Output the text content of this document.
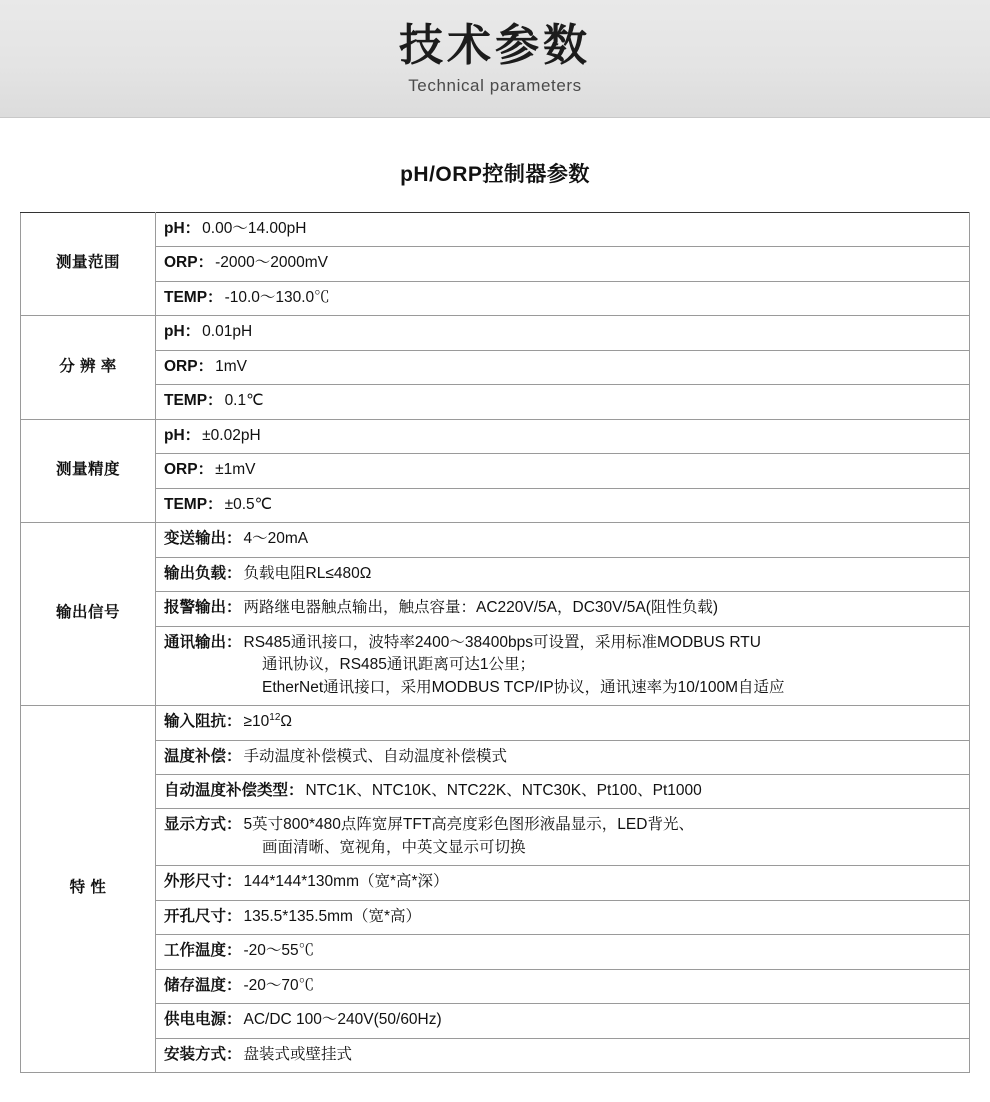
技术参数
Technical parameters
pH/ORP控制器参数
测量范围	pH： 0.00～14.00pH

	ORP： -2000～2000mV

	TEMP： -10.0～130.0℃

分 辨 率	pH： 0.01pH

	ORP： 1mV

	TEMP： 0.1℃

测量精度	pH： ±0.02pH

	ORP： ±1mV

	TEMP： ±0.5℃

输出信号	变送输出： 4～20mA

	输出负载： 负载电阻RL≤480Ω

	报警输出： 两路继电器触点输出，触点容量：AC220V/5A，DC30V/5A(阻性负载)

	通讯输出： RS485通讯接口，波特率2400～38400bps可设置，采用标准MODBUS RTU
通讯协议，RS485通讯距离可达1公里；
EtherNet通讯接口，采用MODBUS TCP/IP协议，通讯速率为10/100M自适应

特 性	输入阻抗： $\ge 10^{12}\Omega$

	温度补偿： 手动温度补偿模式、自动温度补偿模式

	自动温度补偿类型： NTC1K、NTC10K、NTC22K、NTC30K、Pt100、Pt1000

	显示方式： 5英寸800*480点阵宽屏TFT高亮度彩色图形液晶显示，LED背光、
画面清晰、宽视角，中英文显示可切换

	外形尺寸： 144*144*130mm（宽*高*深）

	开孔尺寸： 135.5*135.5mm（宽*高）

	工作温度： -20～55℃

	储存温度： -20～70℃

	供电电源： AC/DC 100～240V(50/60Hz)

	安装方式： 盘装式或壁挂式
